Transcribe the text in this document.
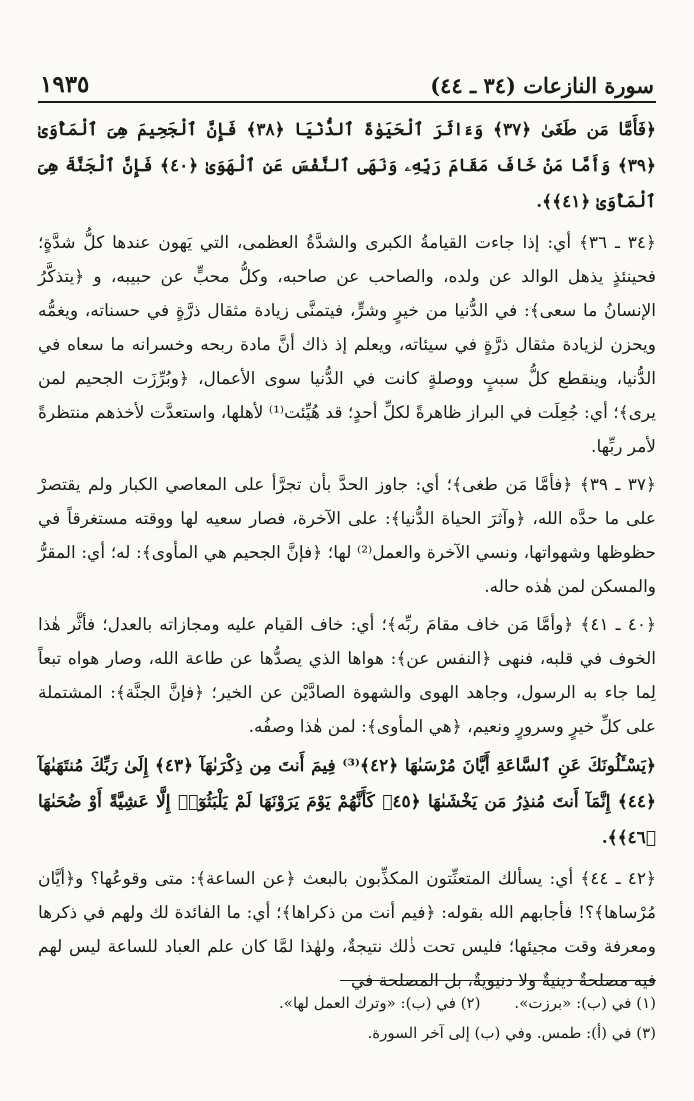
سورة النازعات (٣٤ ـ ٤٤)
١٩٣٥

﴿فَأَمَّا مَن طَغَىٰ ﴿٣٧﴾ وَءَاثَرَ ٱلْحَيَوٰةَ ٱلدُّنْيَا ﴿٣٨﴾ فَإِنَّ ٱلْجَحِيمَ هِىَ ٱلْمَأْوَىٰ ﴿٣٩﴾ وَأَمَّا مَنْ خَافَ مَقَامَ رَبِّهِۦ وَنَهَى ٱلنَّفْسَ عَنِ ٱلْهَوَىٰ ﴿٤٠﴾ فَإِنَّ ٱلْجَنَّةَ هِىَ ٱلْمَأْوَىٰ ﴿٤١﴾﴾.

﴿٣٤ ـ ٣٦﴾ أي: إذا جاءت القيامةُ الكبرى والشدَّةُ العظمى، التي يَهون عندها كلُّ شدَّةٍ؛ فحينئذٍ يذهل الوالد عن ولده، والصاحب عن صاحبه، وكلُّ محبٍّ عن حبيبه، و ﴿يتذكَّرُ الإنسانُ ما سعى﴾: في الدُّنيا من خيرٍ وشرٍّ، فيتمنَّى زيادة مثقال ذرَّةٍ في حسناته، ويغمُّه ويحزن لزيادة مثقال ذرَّةٍ في سيئاته، ويعلم إذ ذاك أنَّ مادة ربحه وخسرانه ما سعاه في الدُّنيا، وينقطع كلُّ سببٍ ووصلةٍ كانت في الدُّنيا سوى الأعمال، ﴿وبُرِّزَت الجحيم لمن يرى﴾؛ أي: جُعِلَت في البراز ظاهرةً لكلِّ أحدٍ؛ قد هُيِّئت⁽¹⁾ لأهلها، واستعدَّت لأخذهم منتظرةً لأمر ربِّها.

﴿٣٧ ـ ٣٩﴾ ﴿فأمَّا مَن طغى﴾؛ أي: جاوز الحدَّ بأن تجرَّأ على المعاصي الكبار ولم يقتصرْ على ما حدَّه الله، ﴿وآثرَ الحياة الدُّنيا﴾: على الآخرة، فصار سعيه لها ووقته مستغرقاً في حظوظها وشهواتها، ونسي الآخرة والعمل⁽²⁾ لها؛ ﴿فإنَّ الجحيم هي المأوى﴾: له؛ أي: المقرُّ والمسكن لمن هٰذه حاله.

﴿٤٠ ـ ٤١﴾ ﴿وأمَّا مَن خاف مقامَ ربِّه﴾؛ أي: خاف القيام عليه ومجازاته بالعدل؛ فأثَّر هٰذا الخوف في قلبه، فنهى ﴿النفس عن﴾: هواها الذي يصدُّها عن طاعة الله، وصار هواه تبعاً لِما جاء به الرسول، وجاهد الهوى والشهوة الصادَّيْن عن الخير؛ ﴿فإنَّ الجنَّة﴾: المشتملة على كلِّ خيرٍ وسرورٍ ونعيم، ﴿هي المأوى﴾: لمن هٰذا وصفُه.

﴿يَسْـَٔلُونَكَ عَنِ ٱلسَّاعَةِ أَيَّانَ مُرْسَىٰهَا ﴿٤٢﴾⁽³⁾ فِيمَ أَنتَ مِن ذِكْرَىٰهَآ ﴿٤٣﴾ إِلَىٰ رَبِّكَ مُنتَهَىٰهَآ ﴿٤٤﴾ إِنَّمَآ أَنتَ مُنذِرُ مَن يَخْشَىٰهَا ﴿٤٥﴾ كَأَنَّهُمْ يَوْمَ يَرَوْنَهَا لَمْ يَلْبَثُوٓا۟ إِلَّا عَشِيَّةً أَوْ ضُحَىٰهَا ﴿٤٦﴾﴾.

﴿٤٢ ـ ٤٤﴾ أي: يسألك المتعنِّتون المكذِّبون بالبعث ﴿عن الساعة﴾: متى وقوعُها؟ و﴿أيَّان مُرْساها﴾؟! فأجابهم الله بقوله: ﴿فيم أنت من ذكراها﴾؛ أي: ما الفائدة لك ولهم في ذكرها ومعرفة وقت مجيئها؛ فليس تحت ذٰلك نتيجةٌ، ولهٰذا لمَّا كان علم العباد للساعة ليس لهم فيه مصلحةٌ دينيةٌ ولا دنيويةٌ، بل المصلحة في

(١) في (ب): «برزت».
(٢) في (ب): «وترك العمل لها».
(٣) في (أ): طمس. وفي (ب) إلى آخر السورة.
